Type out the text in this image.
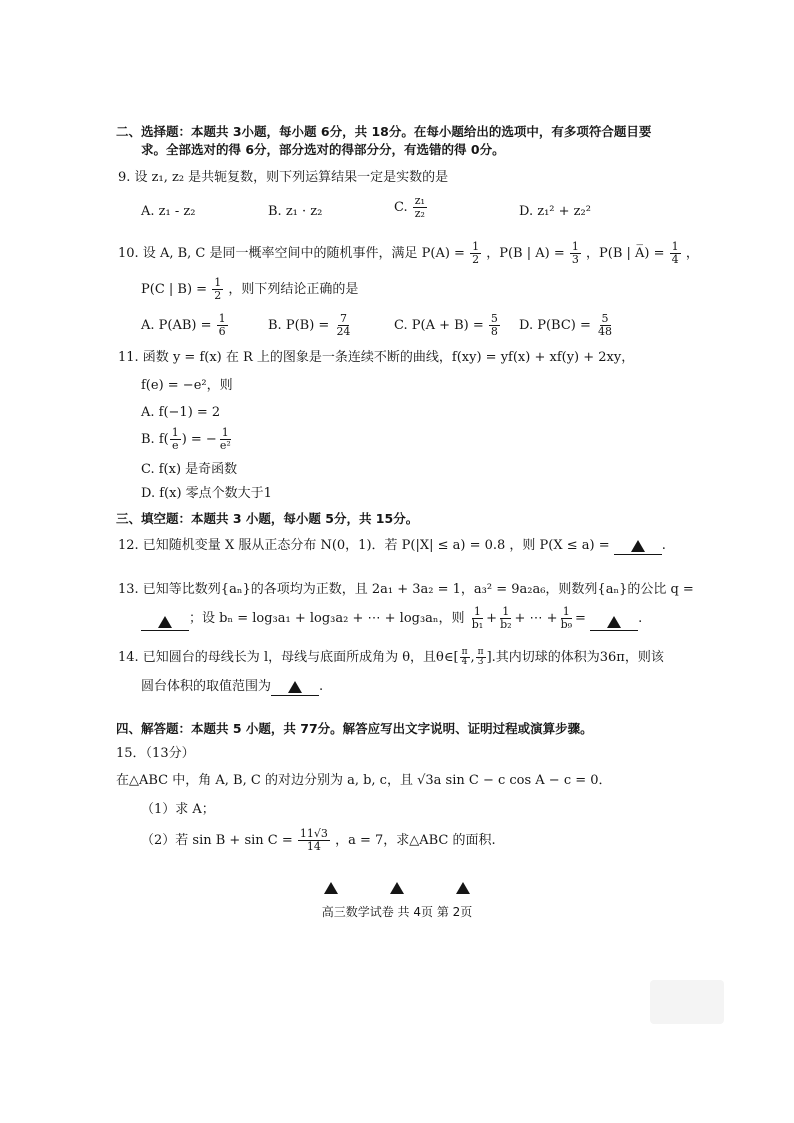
二、选择题：本题共 3小题，每小题 6分，共 18分。在每小题给出的选项中，有多项符合题目要
求。全部选对的得 6分，部分选对的得部分分，有选错的得 0分。
9. 设 z₁, z₂ 是共轭复数，则下列运算结果一定是实数的是
A. z₁ - z₂	B. z₁ · z₂	C. $\frac{\text{z₁}}{\text{z₂}}$	D. z₁² + z₂²
10. 设 A, B, C 是同一概率空间中的随机事件，满足 $P(A) = \frac{1}{2}$ ，P(B | $A) = \frac{1}{3}$ ，P(B | A̅) = $\frac{1}{4}$ ，
P(C | $B) = \frac{1}{2}$ ，则下列结论正确的是
A. $P(AB) = \frac{1}{6}$	B. $P(B) = \frac{7}{24}$	C. $P(A + B) = \frac{5}{8} D$. $P(BC) = \frac{5}{48}$
11. 函数 y = f(x) 在 R 上的图象是一条连续不断的曲线，f(xy) = yf(x) + xf(y) + 2xy，
f(e) = −e²，则
A. f(−1) = 2
B. $f( \frac{1}{e}$ ) = − $\frac{1}{\text{e²}}$
C. f(x) 是奇函数
D. f(x) 零点个数大于1
三、填空题：本题共 3 小题，每小题 5分，共 15分。
12. 已知随机变量 X 服从正态分布 N(0，1)．若 P(|X| ≤ a) = 0.8 ，则 P(X ≤ a) =	.
13. 已知等比数列{aₙ}的各项均为正数，且 2a₁ + 3a₂ = 1，a₃² = 9a₂a₆，则数列{aₙ}的公比 q =
；设 bₙ = log₃a₁ + log₃a₂ + ⋯ + log₃aₙ，则 $\frac{1}{\text{b₁}} + \frac{1}{\text{b₂}}$ + ⋯ + $\frac{1}{\text{b₉}}$ =	.
14. 已知圆台的母线长为 l，母线与底面所成角为 θ，且θ∈[ $\frac{\pi}{4}$ , $\frac{\pi}{3}$ ].其内切球的体积为36π，则该
圆台体积的取值范围为	.
四、解答题：本题共 5 小题，共 77分。解答应写出文字说明、证明过程或演算步骤。
15．（13分）
在△ABC 中，角 A, B, C 的对边分别为 a, b, c，且 √3a sin C − c cos A − c = 0．
（1）求 A；
（2）若 $\sin B + \sin C = \frac{11√3}{14}$ ，a = 7，求△ABC 的面积.

高三数学试卷 共 4页 第 2页
